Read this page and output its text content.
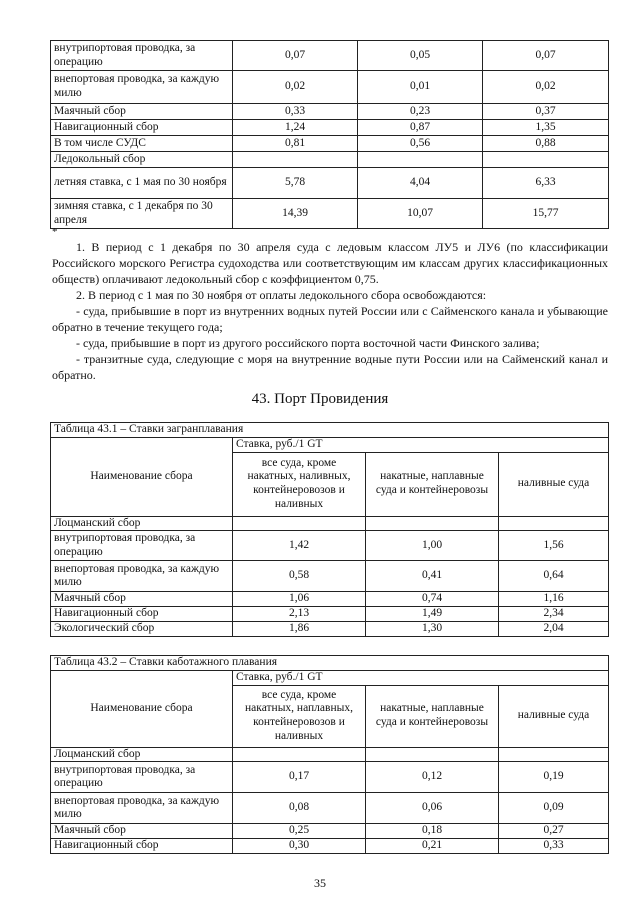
внутрипортовая проводка, за операцию	0,07	0,05	0,07
внепортовая проводка, за каждую милю	0,02	0,01	0,02
Маячный сбор	0,33	0,23	0,37
Навигационный сбор	1,24	0,87	1,35
В том числе СУДС	0,81	0,56	0,88
Ледокольный сбор			
летняя ставка, с 1 мая по 30 ноября	5,78	4,04	6,33
зимняя ставка, с 1 декабря по 30 апреля	14,39	10,07	15,77
*

1. В период с 1 декабря по 30 апреля суда с ледовым классом ЛУ5 и ЛУ6 (по классификации Российского морского Регистра судоходства или соответствующим им классам других классификационных обществ) оплачивают ледокольный сбор с коэффициентом 0,75.

2. В период с 1 мая по 30 ноября от оплаты ледокольного сбора освобождаются:

- суда, прибывшие в порт из внутренних водных путей России или с Сайменского канала и убывающие обратно в течение текущего года;

- суда, прибывшие в порт из другого российского порта восточной части Финского залива;

- транзитные суда, следующие с моря на внутренние водные пути России или на Сайменский канал и обратно.

43. Порт Провидения
Таблица 43.1 – Ставки загранплавания			
Наименование сбора	Ставка, руб./1 GT		
	все суда, кроме накатных, наливных, контейнеровозов и наливных	накатные, наплавные суда и контейнеровозы	наливные суда
Лоцманский сбор			
внутрипортовая проводка, за операцию	1,42	1,00	1,56
внепортовая проводка, за каждую милю	0,58	0,41	0,64
Маячный сбор	1,06	0,74	1,16
Навигационный сбор	2,13	1,49	2,34
Экологический сбор	1,86	1,30	2,04
Таблица 43.2 – Ставки каботажного плавания			
Наименование сбора	Ставка, руб./1 GT		
	все суда, кроме накатных, наплавных, контейнеровозов и наливных	накатные, наплавные суда и контейнеровозы	наливные суда
Лоцманский сбор			
внутрипортовая проводка, за операцию	0,17	0,12	0,19
внепортовая проводка, за каждую милю	0,08	0,06	0,09
Маячный сбор	0,25	0,18	0,27
Навигационный сбор	0,30	0,21	0,33
35
